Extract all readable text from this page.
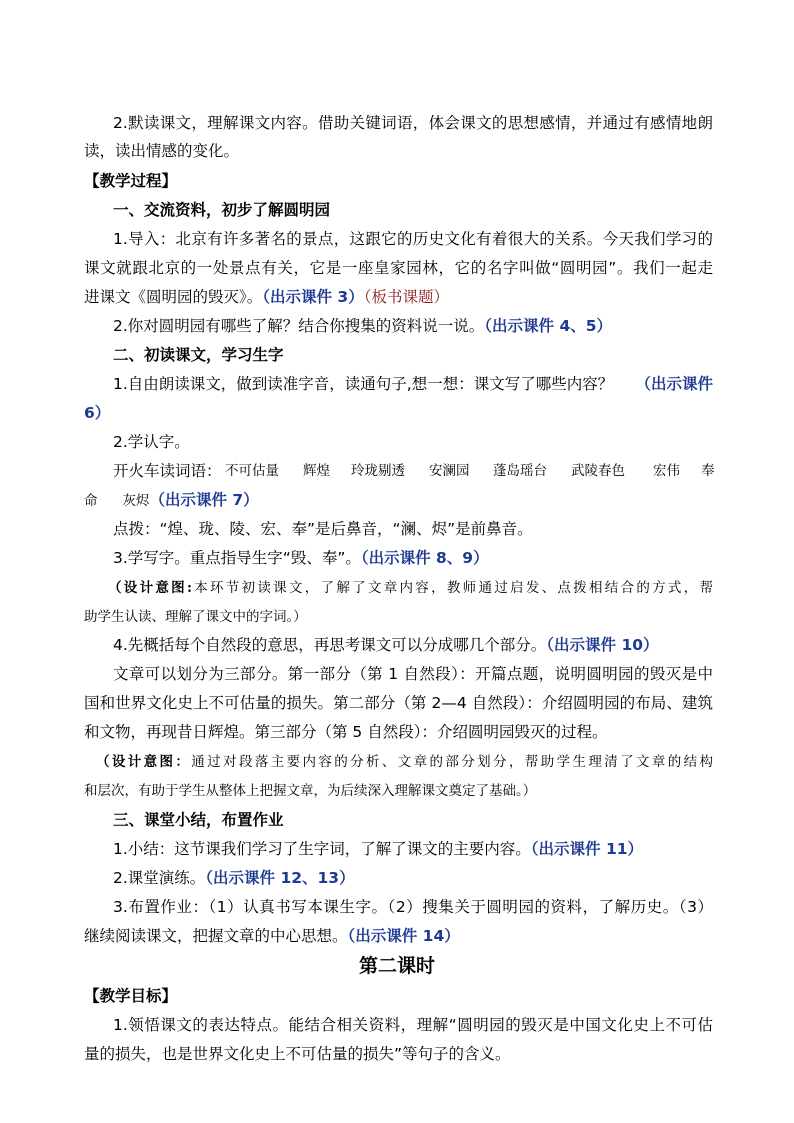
2.默读课文，理解课文内容。借助关键词语，体会课文的思想感情，并通过有感情地朗
读，读出情感的变化。
【教学过程】
一、交流资料，初步了解圆明园
1.导入：北京有许多著名的景点，这跟它的历史文化有着很大的关系。今天我们学习的
课文就跟北京的一处景点有关，它是一座皇家园林，它的名字叫做“圆明园”。我们一起走
进课文《圆明园的毁灭》。（出示课件 3）（板书课题）
2.你对圆明园有哪些了解？结合你搜集的资料说一说。（出示课件 4、5）
二、初读课文，学习生字
1.自由朗读课文，做到读准字音，读通句子,想一想：课文写了哪些内容？ （出示课件
6）
2.学认字。
开火车读词语： 不可估量 辉煌 玲珑剔透 安澜园 蓬岛瑶台 武陵春色 宏伟 奉
命 灰烬（出示课件 7）
点拨：“煌、珑、陵、宏、奉”是后鼻音，“澜、烬”是前鼻音。
3.学写字。重点指导生字“毁、奉”。（出示课件 8、9）
（设计意图:本环节初读课文，了解了文章内容，教师通过启发、点拨相结合的方式，帮
助学生认读、理解了课文中的字词。）
4.先概括每个自然段的意思，再思考课文可以分成哪几个部分。（出示课件 10）
文章可以划分为三部分。第一部分（第 1 自然段）：开篇点题，说明圆明园的毁灭是中
国和世界文化史上不可估量的损失。第二部分（第 2—4 自然段）：介绍圆明园的布局、建筑
和文物，再现昔日辉煌。第三部分（第 5 自然段）：介绍圆明园毁灭的过程。
（设计意图：通过对段落主要内容的分析、文章的部分划分，帮助学生理清了文章的结构
和层次，有助于学生从整体上把握文章，为后续深入理解课文奠定了基础。）
三、课堂小结，布置作业
1.小结：这节课我们学习了生字词，了解了课文的主要内容。（出示课件 11）
2.课堂演练。（出示课件 12、13）
3.布置作业：（1）认真书写本课生字。（2）搜集关于圆明园的资料，了解历史。（3）
继续阅读课文，把握文章的中心思想。（出示课件 14）
第二课时
【教学目标】
1.领悟课文的表达特点。能结合相关资料，理解“圆明园的毁灭是中国文化史上不可估
量的损失，也是世界文化史上不可估量的损失”等句子的含义。
